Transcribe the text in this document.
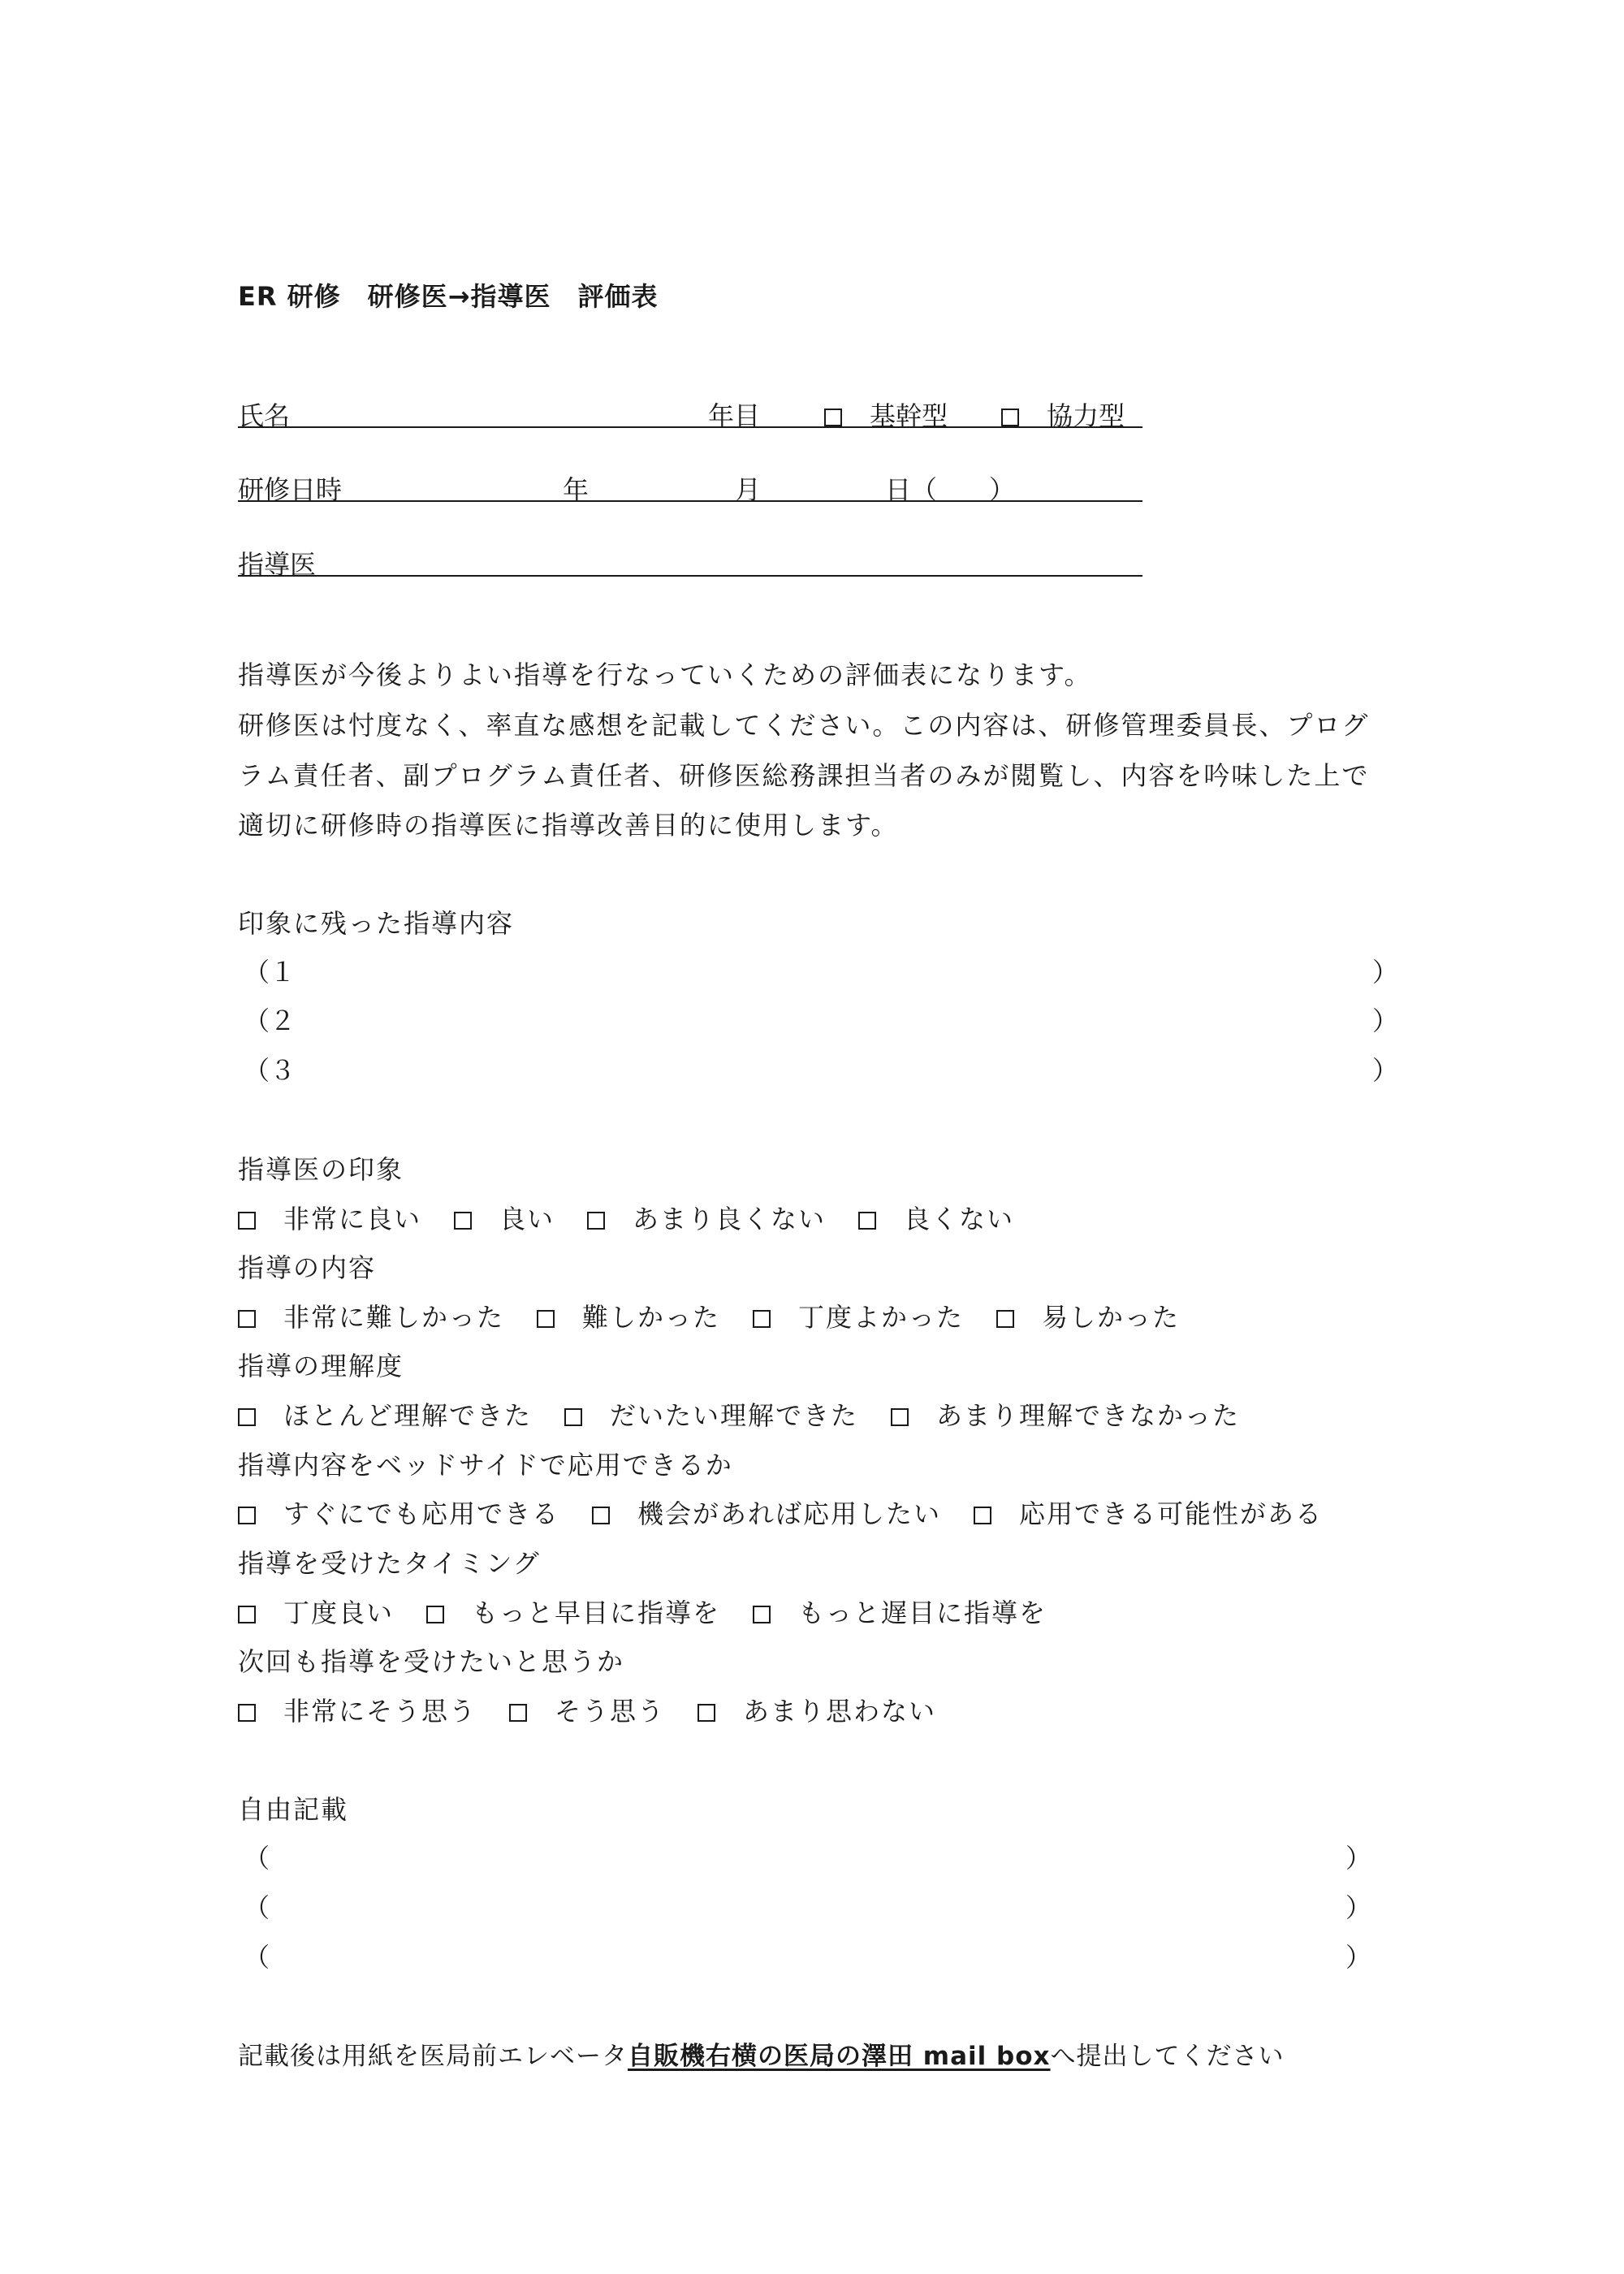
ER 研修　研修医→指導医　評価表
氏名	年目	基幹型	協力型
研修日時	年	月	日（　　）
指導医
指導医が今後よりよい指導を行なっていくための評価表になります。
研修医は忖度なく、率直な感想を記載してください。この内容は、研修管理委員長、プログ
ラム責任者、副プログラム責任者、研修医総務課担当者のみが閲覧し、内容を吟味した上で
適切に研修時の指導医に指導改善目的に使用します。
印象に残った指導内容
（１	）
（２	）
（３	）
指導医の印象
非常に良い	良い	あまり良くない	良くない
指導の内容
非常に難しかった	難しかった	丁度よかった	易しかった
指導の理解度
ほとんど理解できた	だいたい理解できた	あまり理解できなかった
指導内容をベッドサイドで応用できるか
すぐにでも応用できる	機会があれば応用したい	応用できる可能性がある
指導を受けたタイミング
丁度良い	もっと早目に指導を	もっと遅目に指導を
次回も指導を受けたいと思うか
非常にそう思う	そう思う	あまり思わない
自由記載
（	）
（	）
（	）
記載後は用紙を医局前エレベータ自販機右横の医局の澤田 mail boxへ提出してください
